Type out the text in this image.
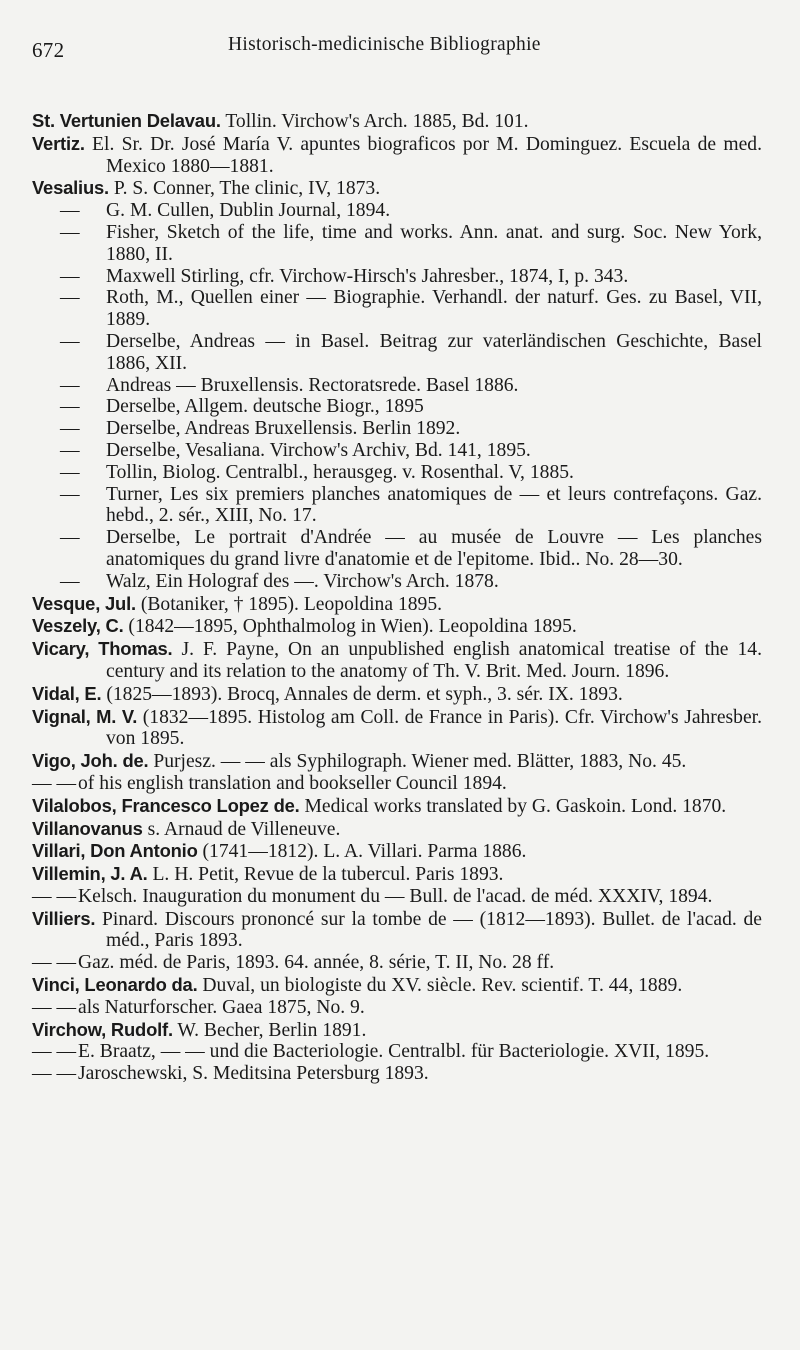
672	Historisch-medicinische Bibliographie

St. Vertunien Delavau. Tollin. Virchow's Arch. 1885, Bd. 101.

Vertiz. El. Sr. Dr. José María V. apuntes biograficos por M. Dominguez. Escuela de med. Mexico 1880—1881.

Vesalius. P. S. Conner, The clinic, IV, 1873.

— G. M. Cullen, Dublin Journal, 1894.

— Fisher, Sketch of the life, time and works. Ann. anat. and surg. Soc. New York, 1880, II.

— Maxwell Stirling, cfr. Virchow-Hirsch's Jahresber., 1874, I, p. 343.

— Roth, M., Quellen einer — Biographie. Verhandl. der naturf. Ges. zu Basel, VII, 1889.

— Derselbe, Andreas — in Basel. Beitrag zur vaterländischen Geschichte, Basel 1886, XII.

— Andreas — Bruxellensis. Rectoratsrede. Basel 1886.

— Derselbe, Allgem. deutsche Biogr., 1895

— Derselbe, Andreas Bruxellensis. Berlin 1892.

— Derselbe, Vesaliana. Virchow's Archiv, Bd. 141, 1895.

— Tollin, Biolog. Centralbl., herausgeg. v. Rosenthal. V, 1885.

— Turner, Les six premiers planches anatomiques de — et leurs contrefaçons. Gaz. hebd., 2. sér., XIII, No. 17.

— Derselbe, Le portrait d'Andrée — au musée de Louvre — Les planches anatomiques du grand livre d'anatomie et de l'epitome. Ibid.. No. 28—30.

— Walz, Ein Holograf des —. Virchow's Arch. 1878.

Vesque, Jul. (Botaniker, † 1895). Leopoldina 1895.

Veszely, C. (1842—1895, Ophthalmolog in Wien). Leopoldina 1895.

Vicary, Thomas. J. F. Payne, On an unpublished english anatomical treatise of the 14. century and its relation to the anatomy of Th. V. Brit. Med. Journ. 1896.

Vidal, E. (1825—1893). Brocq, Annales de derm. et syph., 3. sér. IX. 1893.

Vignal, M. V. (1832—1895. Histolog am Coll. de France in Paris). Cfr. Virchow's Jahresber. von 1895.

Vigo, Joh. de. Purjesz. — — als Syphilograph. Wiener med. Blätter, 1883, No. 45.

— —of his english translation and bookseller Council 1894.

Vilalobos, Francesco Lopez de. Medical works translated by G. Gaskoin. Lond. 1870.

Villanovanus s. Arnaud de Villeneuve.

Villari, Don Antonio (1741—1812). L. A. Villari. Parma 1886.

Villemin, J. A. L. H. Petit, Revue de la tubercul. Paris 1893.

— —Kelsch. Inauguration du monument du — Bull. de l'acad. de méd. XXXIV, 1894.

Villiers. Pinard. Discours prononcé sur la tombe de — (1812—1893). Bullet. de l'acad. de méd., Paris 1893.

— —Gaz. méd. de Paris, 1893. 64. année, 8. série, T. II, No. 28 ff.

Vinci, Leonardo da. Duval, un biologiste du XV. siècle. Rev. scientif. T. 44, 1889.

— —als Naturforscher. Gaea 1875, No. 9.

Virchow, Rudolf. W. Becher, Berlin 1891.

— —E. Braatz, — — und die Bacteriologie. Centralbl. für Bacteriologie. XVII, 1895.

— —Jaroschewski, S. Meditsina Petersburg 1893.
